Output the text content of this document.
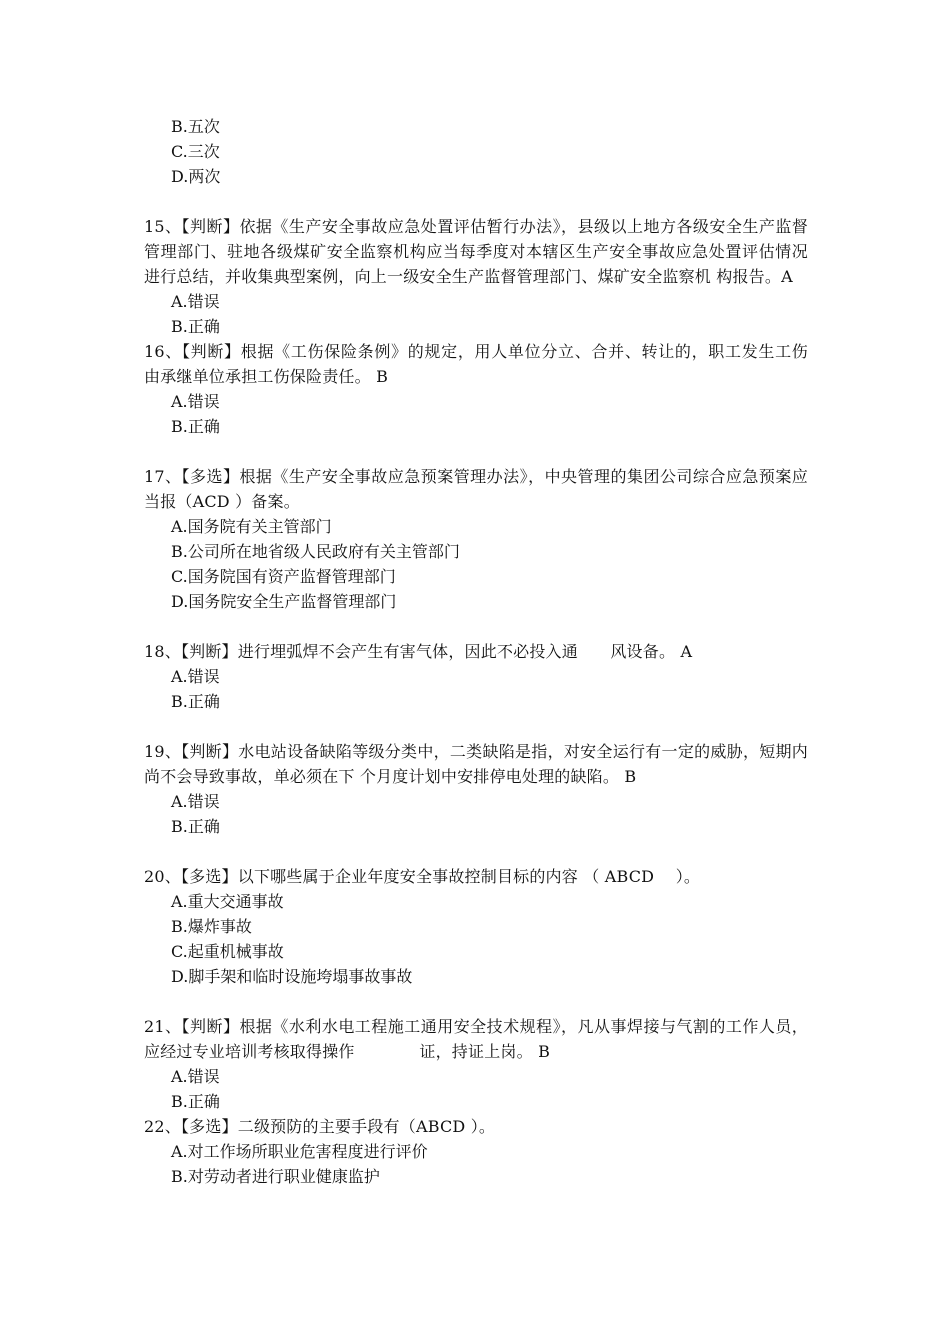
B.五次

C.三次

D.两次

15、【判断】依据《生产安全事故应急处置评估暂行办法》，县级以上地方各级安全生产监督管理部门、驻地各级煤矿安全监察机构应当每季度对本辖区生产安全事故应急处置评估情况进行总结，并收集典型案例，向上一级安全生产监督管理部门、煤矿安全监察机 构报告。A

A.错误

B.正确

16、【判断】根据《工伤保险条例》的规定，用人单位分立、合并、转让的，职工发生工伤 由承继单位承担工伤保险责任。 B

A.错误

B.正确

17、【多选】根据《生产安全事故应急预案管理办法》，中央管理的集团公司综合应急预案应当报（ACD ）备案。

A.国务院有关主管部门

B.公司所在地省级人民政府有关主管部门

C.国务院国有资产监督管理部门

D.国务院安全生产监督管理部门

18、【判断】进行埋弧焊不会产生有害气体，因此不必投入通　　风设备。 A

A.错误

B.正确

19、【判断】水电站设备缺陷等级分类中，二类缺陷是指，对安全运行有一定的威胁，短期内尚不会导致事故，单必须在下 个月度计划中安排停电处理的缺陷。 B

A.错误

B.正确

20、【多选】以下哪些属于企业年度安全事故控制目标的内容 （ ABCD　 ）。

A.重大交通事故

B.爆炸事故

C.起重机械事故

D.脚手架和临时设施垮塌事故事故

21、【判断】根据《水利水电工程施工通用安全技术规程》，凡从事焊接与气割的工作人员，应经过专业培训考核取得操作　　　　证，持证上岗。 B

A.错误

B.正确

22、【多选】二级预防的主要手段有（ABCD ）。

A.对工作场所职业危害程度进行评价

B.对劳动者进行职业健康监护
